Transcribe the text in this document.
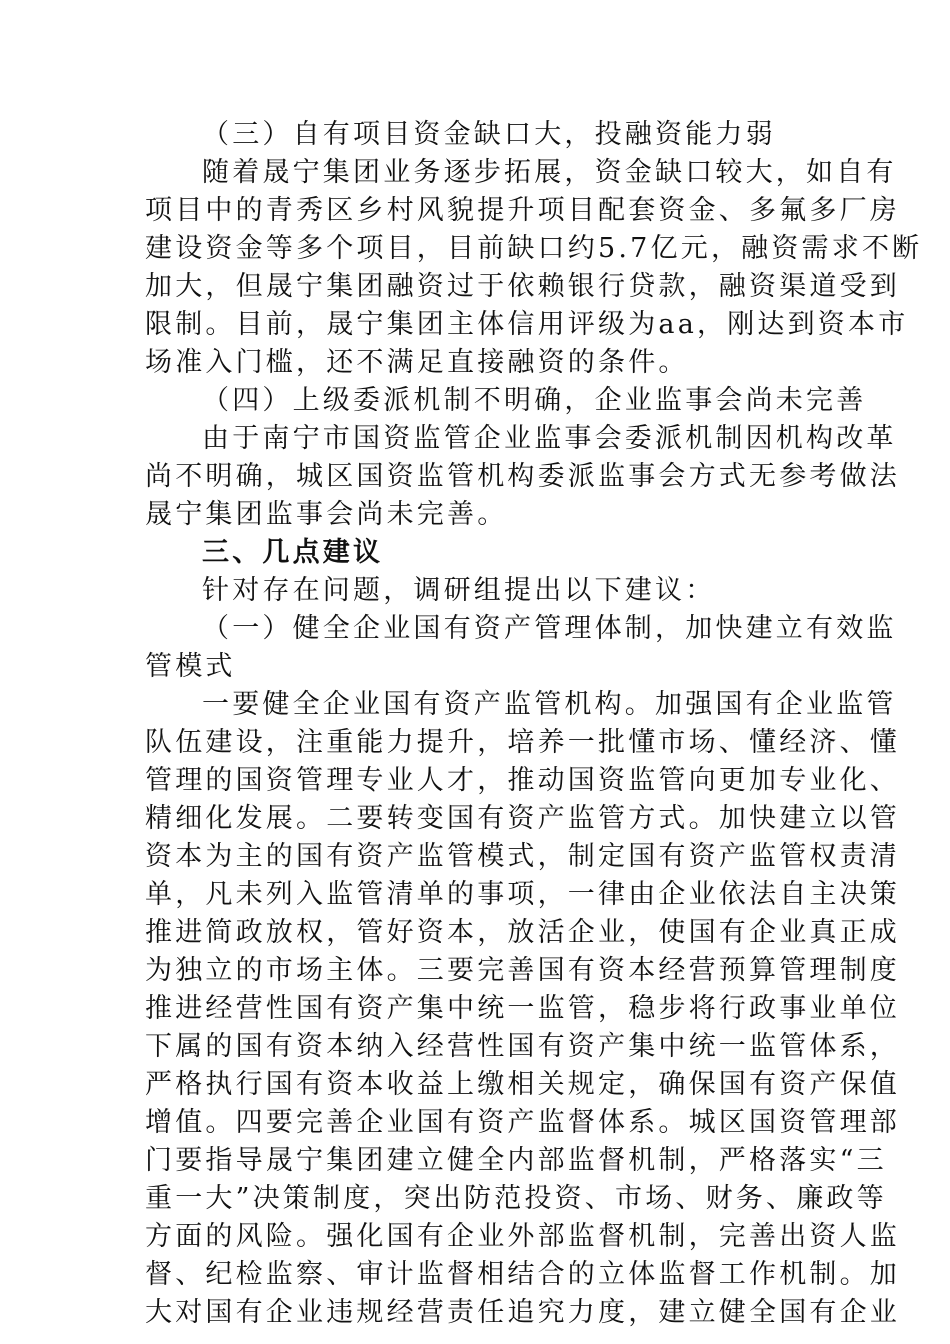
（三）自有项目资金缺口大，投融资能力弱
随着晟宁集团业务逐步拓展，资金缺口较大，如自有
项目中的青秀区乡村风貌提升项目配套资金、多氟多厂房
建设资金等多个项目，目前缺口约5.7亿元，融资需求不断
加大，但晟宁集团融资过于依赖银行贷款，融资渠道受到
限制。目前，晟宁集团主体信用评级为aa，刚达到资本市
场准入门槛，还不满足直接融资的条件。
（四）上级委派机制不明确，企业监事会尚未完善
由于南宁市国资监管企业监事会委派机制因机构改革
尚不明确，城区国资监管机构委派监事会方式无参考做法
晟宁集团监事会尚未完善。
三、几点建议
针对存在问题，调研组提出以下建议：
（一）健全企业国有资产管理体制，加快建立有效监
管模式
一要健全企业国有资产监管机构。加强国有企业监管
队伍建设，注重能力提升，培养一批懂市场、懂经济、懂
管理的国资管理专业人才，推动国资监管向更加专业化、
精细化发展。二要转变国有资产监管方式。加快建立以管
资本为主的国有资产监管模式，制定国有资产监管权责清
单，凡未列入监管清单的事项，一律由企业依法自主决策
推进简政放权，管好资本，放活企业，使国有企业真正成
为独立的市场主体。三要完善国有资本经营预算管理制度
推进经营性国有资产集中统一监管，稳步将行政事业单位
下属的国有资本纳入经营性国有资产集中统一监管体系，
严格执行国有资本收益上缴相关规定，确保国有资产保值
增值。四要完善企业国有资产监督体系。城区国资管理部
门要指导晟宁集团建立健全内部监督机制，严格落实“三
重一大”决策制度，突出防范投资、市场、财务、廉政等
方面的风险。强化国有企业外部监督机制，完善出资人监
督、纪检监察、审计监督相结合的立体监督工作机制。加
大对国有企业违规经营责任追究力度，建立健全国有企业
